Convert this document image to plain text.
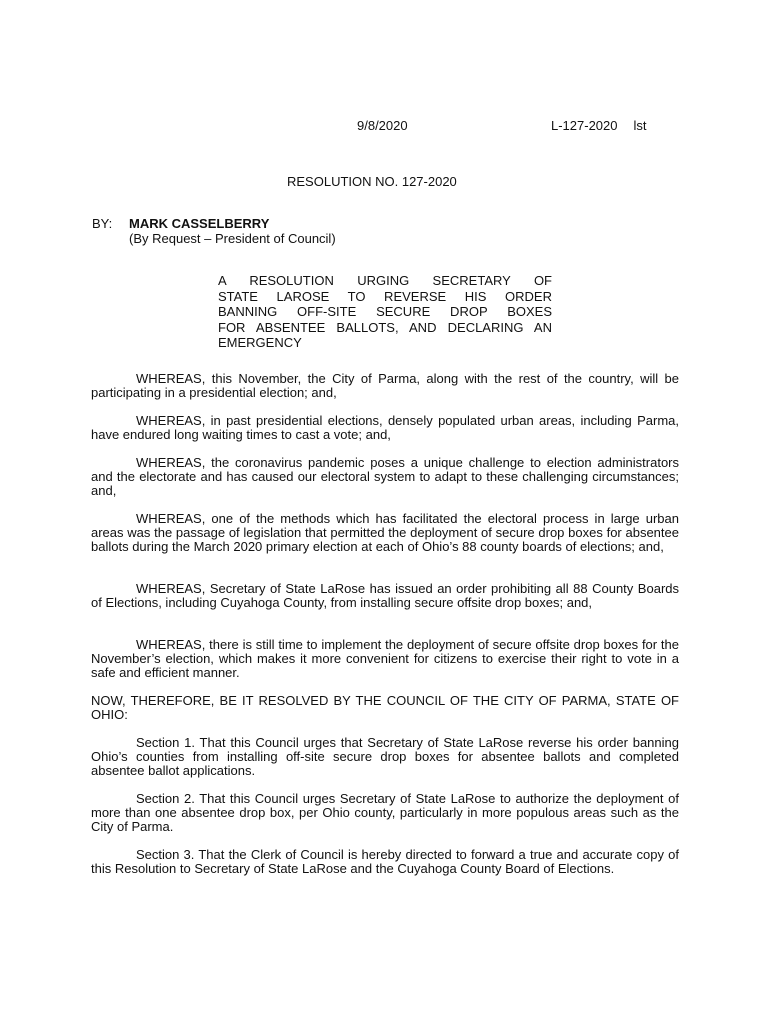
9/8/2020	L-127-2020 lst
RESOLUTION NO. 127-2020
BY: MARK CASSELBERRY
(By Request – President of Council)
A RESOLUTION URGING SECRETARY OF
STATE LAROSE TO REVERSE HIS ORDER
BANNING OFF-SITE SECURE DROP BOXES
FOR ABSENTEE BALLOTS, AND DECLARING AN
EMERGENCY
WHEREAS, this November, the City of Parma, along with the rest of the country, will be participating in a presidential election; and,
WHEREAS, in past presidential elections, densely populated urban areas, including Parma, have endured long waiting times to cast a vote; and,
WHEREAS, the coronavirus pandemic poses a unique challenge to election administrators and the electorate and has caused our electoral system to adapt to these challenging circumstances; and,
WHEREAS, one of the methods which has facilitated the electoral process in large urban areas was the passage of legislation that permitted the deployment of secure drop boxes for absentee ballots during the March 2020 primary election at each of Ohio’s 88 county boards of elections; and,
WHEREAS, Secretary of State LaRose has issued an order prohibiting all 88 County Boards of Elections, including Cuyahoga County, from installing secure offsite drop boxes; and,
WHEREAS, there is still time to implement the deployment of secure offsite drop boxes for the November’s election, which makes it more convenient for citizens to exercise their right to vote in a safe and efficient manner.
NOW, THEREFORE, BE IT RESOLVED BY THE COUNCIL OF THE CITY OF PARMA, STATE OF OHIO:
Section 1. That this Council urges that Secretary of State LaRose reverse his order banning Ohio’s counties from installing off-site secure drop boxes for absentee ballots and completed absentee ballot applications.
Section 2. That this Council urges Secretary of State LaRose to authorize the deployment of more than one absentee drop box, per Ohio county, particularly in more populous areas such as the City of Parma.
Section 3. That the Clerk of Council is hereby directed to forward a true and accurate copy of this Resolution to Secretary of State LaRose and the Cuyahoga County Board of Elections.
